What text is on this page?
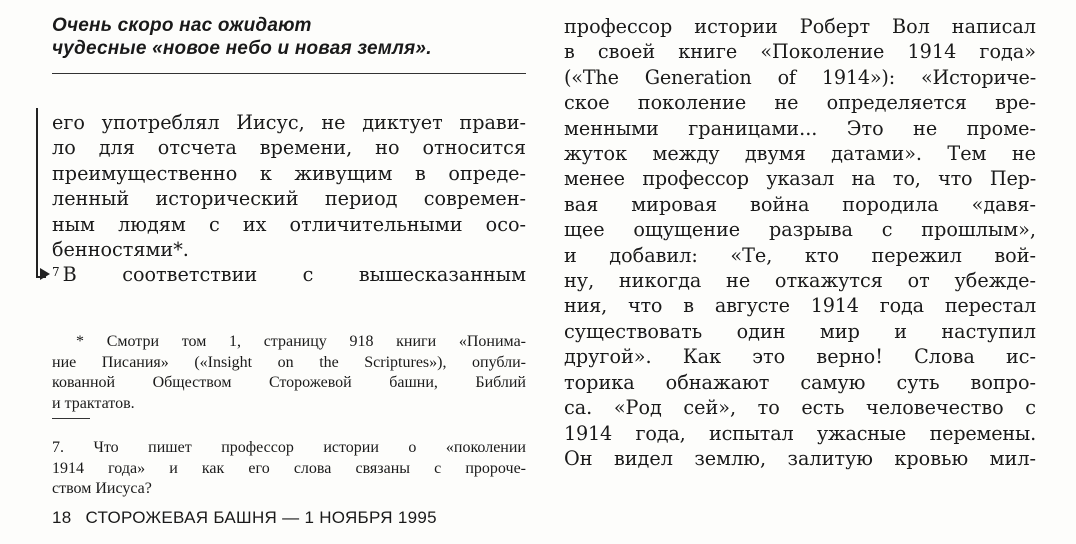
Очень скоро нас ожидают
чудесные «новое небо и новая земля».
его употреблял Иисус, не диктует прави-
ло для отсчета времени, но относится
преимущественно к живущим в опреде-
ленный исторический период современ-
ным людям с их отличительными осо-
бенностями*.
$^7$ В соответствии с вышесказанным
* Смотри том 1, страницу 918 книги «Понима-
ние Писания» («Insight on the Scriptures»), опубли-
кованной Обществом Сторожевой башни, Библий
и трактатов.
7. Что пишет профессор истории о «поколении
1914 года» и как его слова связаны с пророче-
ством Иисуса?
профессор истории Роберт Вол написал
в своей книге «Поколение 1914 года»
(«The Generation of 1914»): «Историче-
ское поколение не определяется вре-
менными границами... Это не проме-
жуток между двумя датами». Тем не
менее профессор указал на то, что Пер-
вая мировая война породила «давя-
щее ощущение разрыва с прошлым»,
и добавил: «Те, кто пережил вой-
ну, никогда не откажутся от убежде-
ния, что в августе 1914 года перестал
существовать один мир и наступил
другой». Как это верно! Слова ис-
торика обнажают самую суть вопро-
са. «Род сей», то есть человечество с
1914 года, испытал ужасные перемены.
Он видел землю, залитую кровью мил-
18 СТОРОЖЕВАЯ БАШНЯ — 1 НОЯБРЯ 1995
